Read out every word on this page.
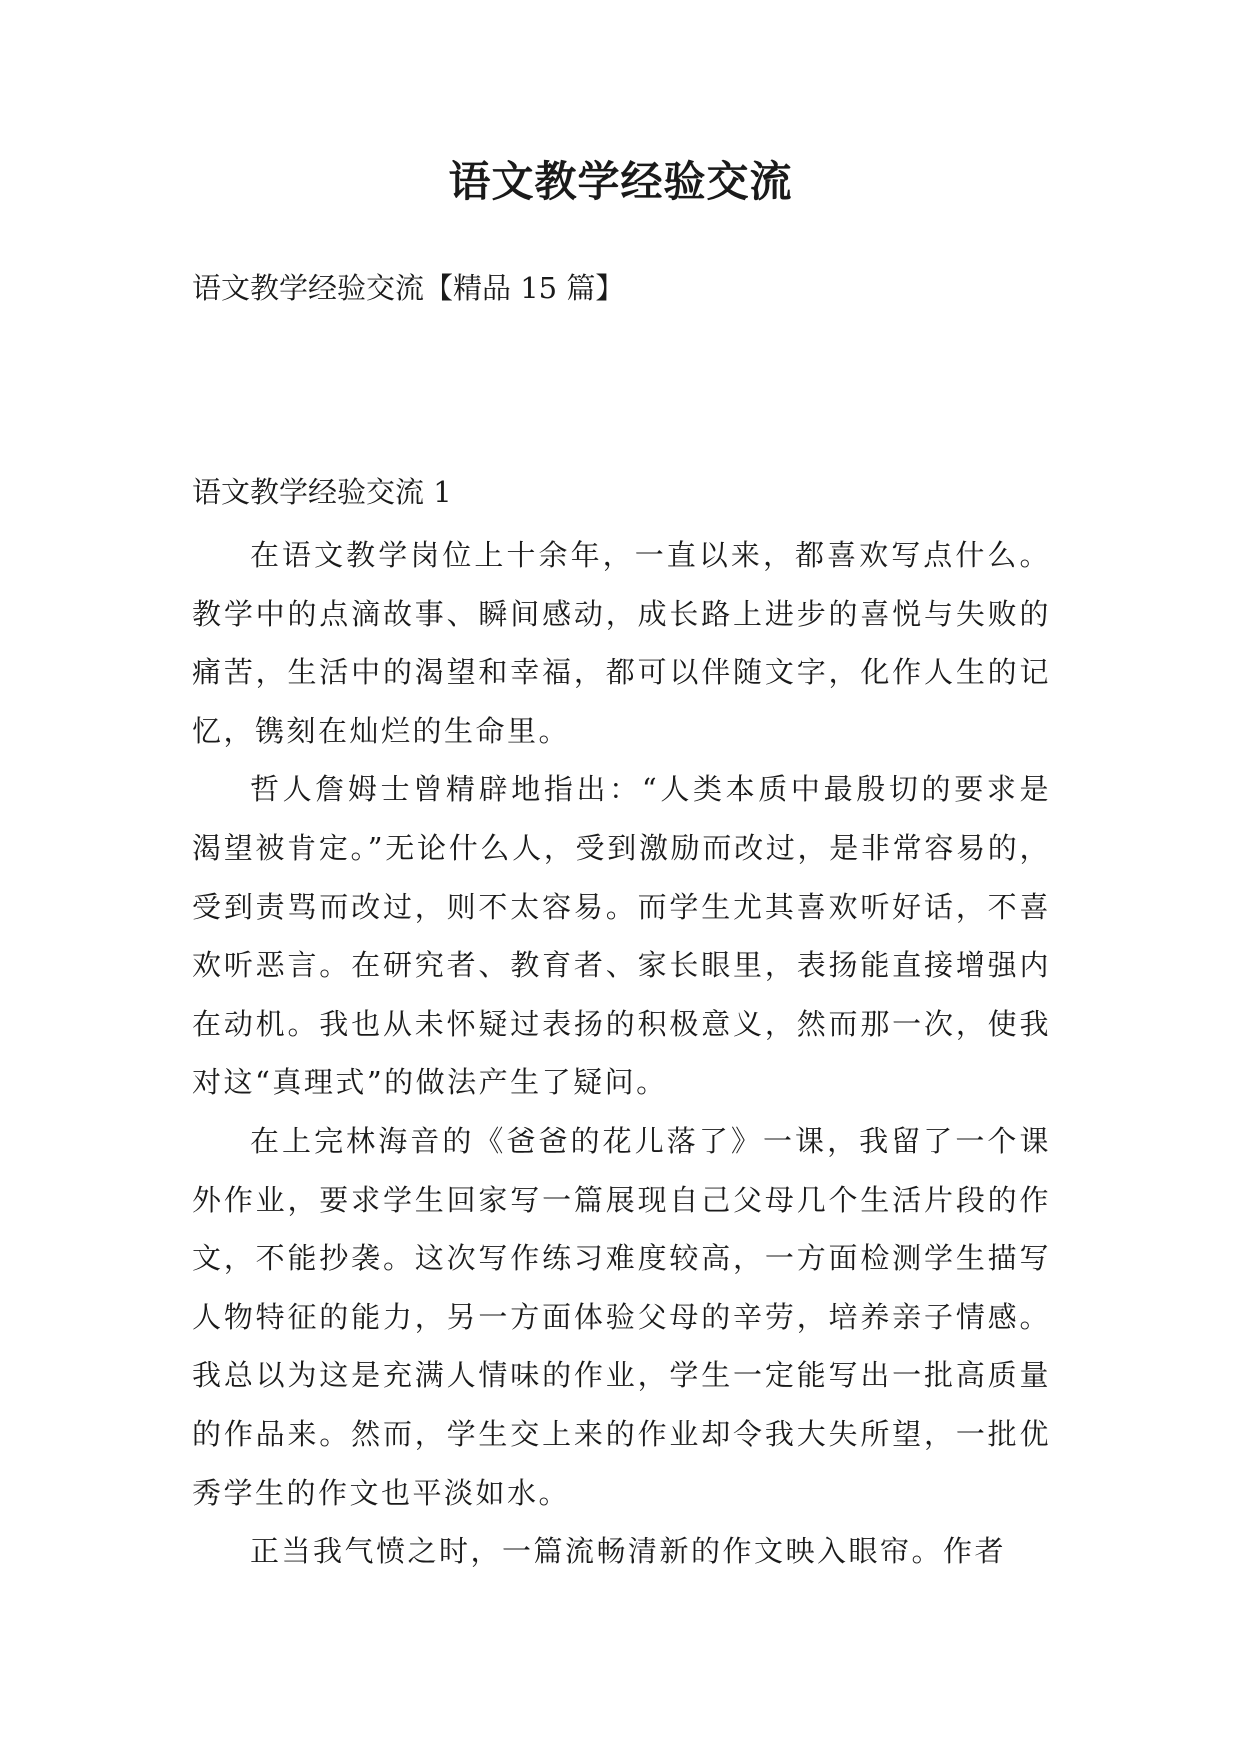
语文教学经验交流
语文教学经验交流【精品 15 篇】
语文教学经验交流 1

在语文教学岗位上十余年，一直以来，都喜欢写点什么。教学中的点滴故事、瞬间感动，成长路上进步的喜悦与失败的痛苦，生活中的渴望和幸福，都可以伴随文字，化作人生的记忆，镌刻在灿烂的生命里。

哲人詹姆士曾精辟地指出：“人类本质中最殷切的要求是渴望被肯定。”无论什么人，受到激励而改过，是非常容易的，受到责骂而改过，则不太容易。而学生尤其喜欢听好话，不喜欢听恶言。在研究者、教育者、家长眼里，表扬能直接增强内在动机。我也从未怀疑过表扬的积极意义，然而那一次，使我对这“真理式”的做法产生了疑问。

在上完林海音的《爸爸的花儿落了》一课，我留了一个课外作业，要求学生回家写一篇展现自己父母几个生活片段的作文，不能抄袭。这次写作练习难度较高，一方面检测学生描写人物特征的能力，另一方面体验父母的辛劳，培养亲子情感。我总以为这是充满人情味的作业，学生一定能写出一批高质量的作品来。然而，学生交上来的作业却令我大失所望，一批优秀学生的作文也平淡如水。

正当我气愤之时，一篇流畅清新的作文映入眼帘。作者
